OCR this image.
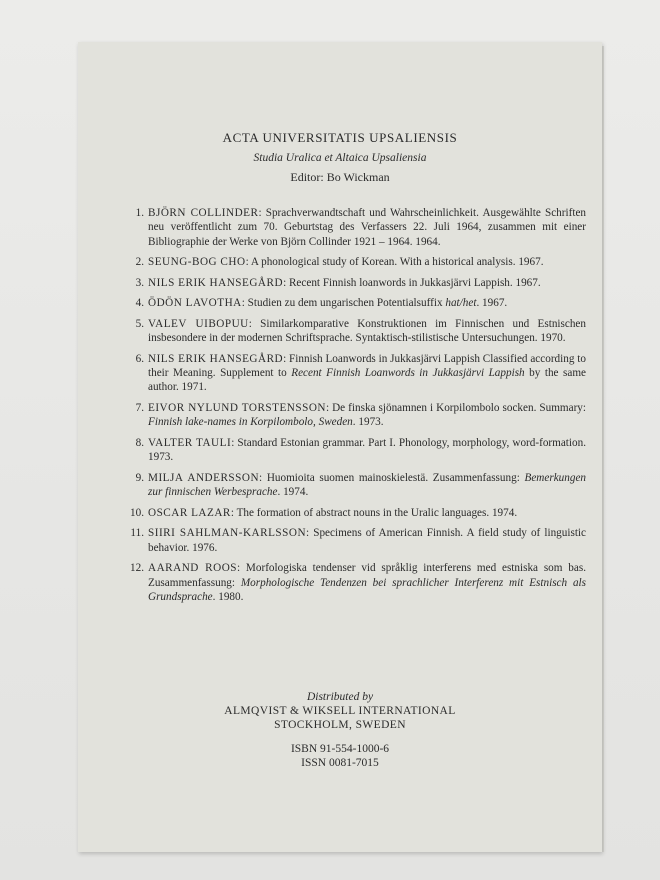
ACTA UNIVERSITATIS UPSALIENSIS

Studia Uralica et Altaica Upsaliensia

Editor: Bo Wickman

1. BJÖRN COLLINDER: Sprachverwandtschaft und Wahrscheinlichkeit. Ausgewählte Schriften neu veröffentlicht zum 70. Geburtstag des Verfassers 22. Juli 1964, zusammen mit einer Bibliographie der Werke von Björn Collinder 1921 – 1964. 1964.
2. SEUNG-BOG CHO: A phonological study of Korean. With a historical analysis. 1967.
3. NILS ERIK HANSEGÅRD: Recent Finnish loanwords in Jukkasjärvi Lappish. 1967.
4. ÖDÖN LAVOTHA: Studien zu dem ungarischen Potentialsuffix hat/het. 1967.
5. VALEV UIBOPUU: Similarkomparative Konstruktionen im Finnischen und Estnischen insbesondere in der modernen Schriftsprache. Syntaktisch-stilistische Untersuchungen. 1970.
6. NILS ERIK HANSEGÅRD: Finnish Loanwords in Jukkasjärvi Lappish Classified according to their Meaning. Supplement to Recent Finnish Loanwords in Jukkasjärvi Lappish by the same author. 1971.
7. EIVOR NYLUND TORSTENSSON: De finska sjönamnen i Korpilombolo socken. Summary: Finnish lake-names in Korpilombolo, Sweden. 1973.
8. VALTER TAULI: Standard Estonian grammar. Part I. Phonology, morphology, word-formation. 1973.
9. MILJA ANDERSSON: Huomioita suomen mainoskielestä. Zusammenfassung: Bemerkungen zur finnischen Werbesprache. 1974.
10. OSCAR LAZAR: The formation of abstract nouns in the Uralic languages. 1974.
11. SIIRI SAHLMAN-KARLSSON: Specimens of American Finnish. A field study of linguistic behavior. 1976.
12. AARAND ROOS: Morfologiska tendenser vid språklig interferens med estniska som bas. Zusammenfassung: Morphologische Tendenzen bei sprachlicher Interferenz mit Estnisch als Grundsprache. 1980.
Distributed by
ALMQVIST & WIKSELL INTERNATIONAL
STOCKHOLM, SWEDEN
ISBN 91-554-1000-6
ISSN 0081-7015
